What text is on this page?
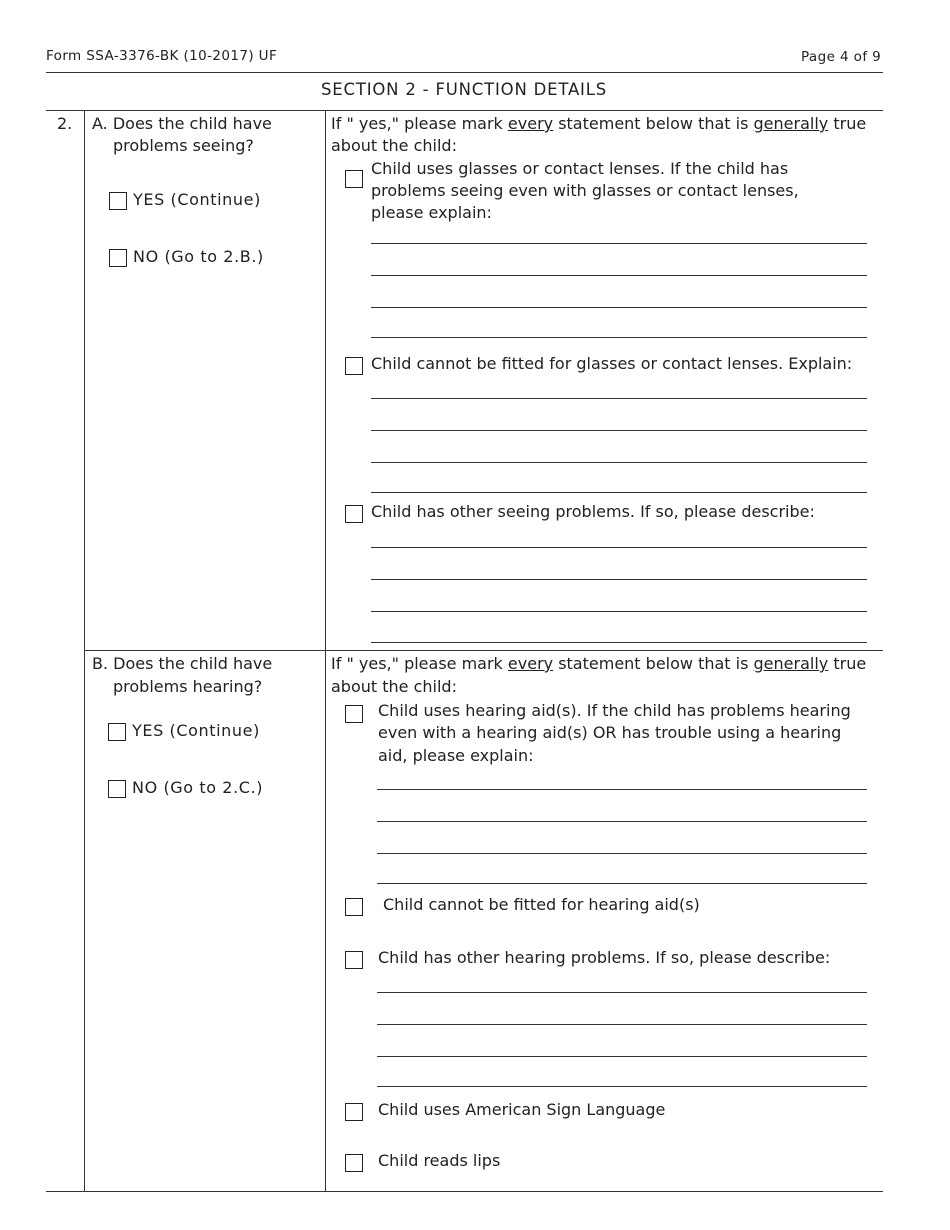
Form SSA-3376-BK (10-2017) UF	Page 4 of 9
SECTION 2 - FUNCTION DETAILS
2. A. Does the child have
problems seeing?
YES (Continue)
NO (Go to 2.B.)
If " yes," please mark every statement below that is generally true
about the child:
Child uses glasses or contact lenses. If the child has
problems seeing even with glasses or contact lenses,
please explain:
Child cannot be fitted for glasses or contact lenses. Explain:
Child has other seeing problems. If so, please describe:
B. Does the child have
problems hearing?
YES (Continue)
NO (Go to 2.C.)
If " yes," please mark every statement below that is generally true
about the child:
Child uses hearing aid(s). If the child has problems hearing
even with a hearing aid(s) OR has trouble using a hearing
aid, please explain:
Child cannot be fitted for hearing aid(s)
Child has other hearing problems. If so, please describe:
Child uses American Sign Language
Child reads lips
